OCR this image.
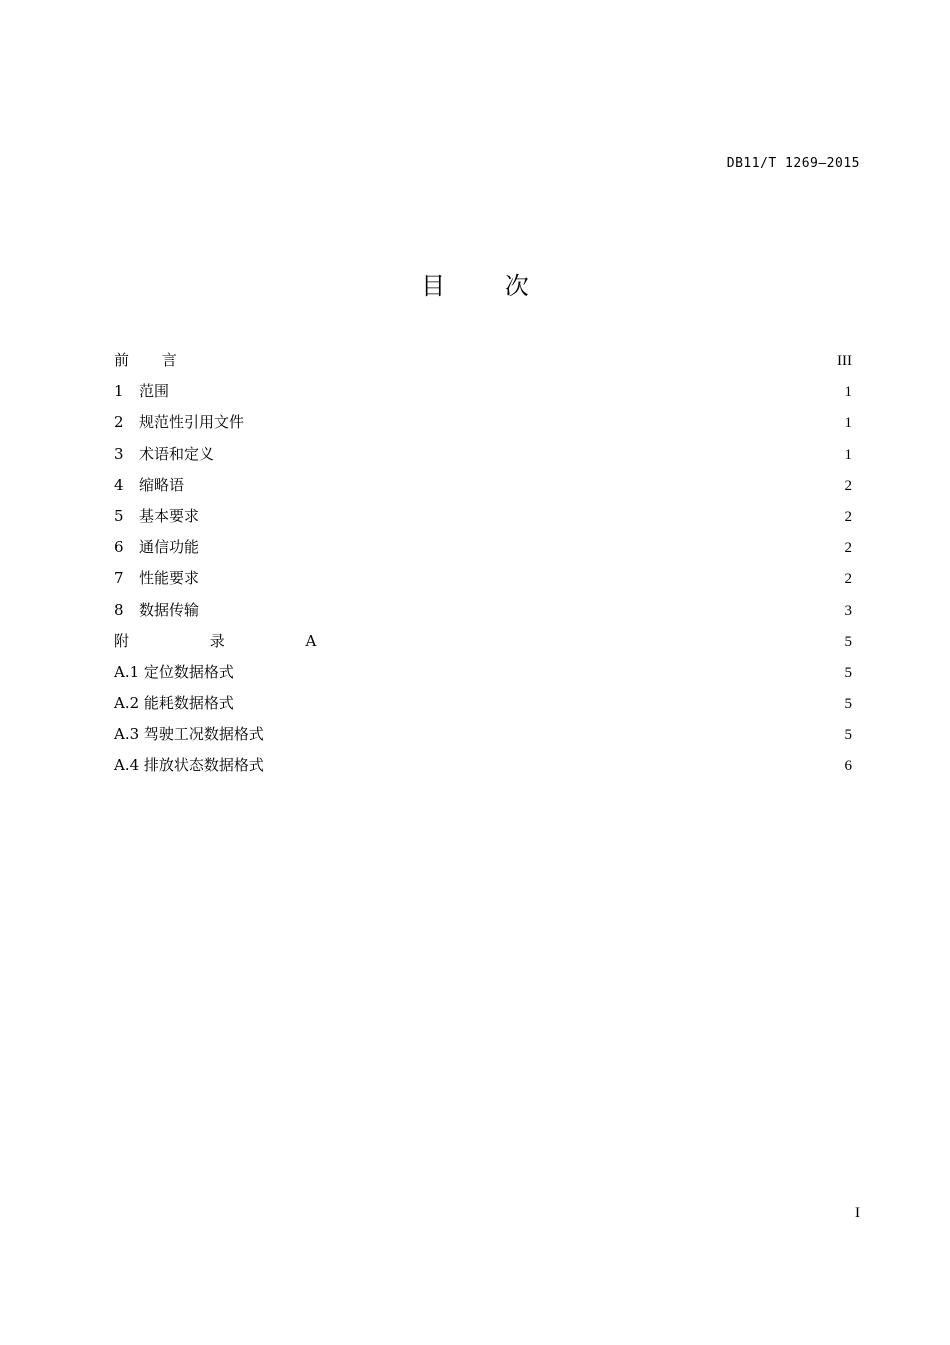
DB11/T 1269—2015
目 次
前 言	III
1	范围	1
2	规范性引用文件	1
3	术语和定义	1
4	缩略语	2
5	基本要求	2
6	通信功能	2
7	性能要求	2
8	数据传输	3
附 录 A	5
A.1 定位数据格式	5
A.2 能耗数据格式	5
A.3 驾驶工况数据格式	5
A.4 排放状态数据格式	6
I
